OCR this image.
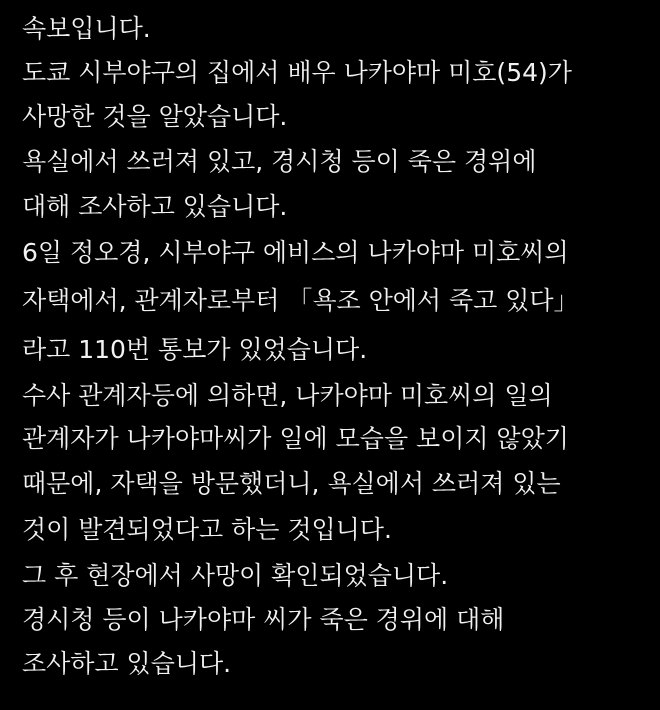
속보입니다.
도쿄 시부야구의 집에서 배우 나카야마 미호(54)가
사망한 것을 알았습니다.
욕실에서 쓰러져 있고, 경시청 등이 죽은 경위에
대해 조사하고 있습니다.
6일 정오경, 시부야구 에비스의 나카야마 미호씨의
자택에서, 관계자로부터 「욕조 안에서 죽고 있다」
라고 110번 통보가 있었습니다.
수사 관계자등에 의하면, 나카야마 미호씨의 일의
관계자가 나카야마씨가 일에 모습을 보이지 않았기
때문에, 자택을 방문했더니, 욕실에서 쓰러져 있는
것이 발견되었다고 하는 것입니다.
그 후 현장에서 사망이 확인되었습니다.
경시청 등이 나카야마 씨가 죽은 경위에 대해
조사하고 있습니다.
